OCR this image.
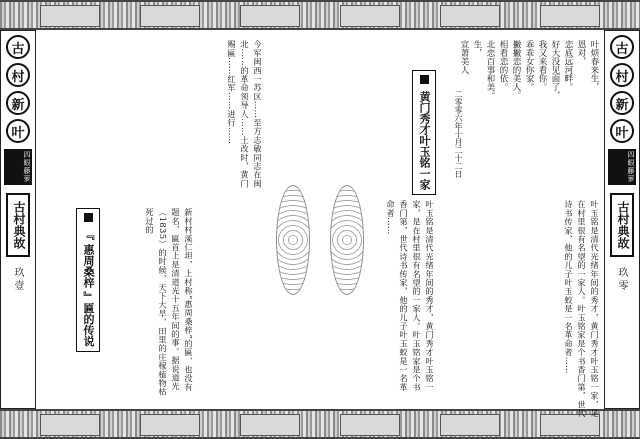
古
村
新
叶
四眼藤萝
古村典故
玖 壹
古
村
新
叶
四眼藤萝
古村典故
玖 零
今军闽西一苏区……至方志敏同志在闽北……的革命领导人……土改时，黄门赐匾……红军……进行……
『 惠周桑梓 』匾的传说	新村村溪仁坦，上村称“惠周桑梓”的匾，也没有题名，匾首上是清道光十五年间的事。据说道光（1835）的时候，天下大旱，田里的庄稼植物枯死过的
叶烦春来生，
恩对，
恋底远河畔。
好大没见面了，
我又来看你。
乖乖女你家。
撇撇恋的美人。
相看恋的依。
北恋百事和美。
生，
宣萧美人
二零零六年十月二十二日
黄门秀才叶玉铭一家
叶玉铭是清代光绪年间的秀才，黄门秀才叶玉铭一家，是在村里很有名望的一家人。叶玉铭家是个书香门第，世代诗书传家，他的儿子叶玉蛟是一名革命者……	叶玉铭是清代光绪年间的秀才，黄门秀才叶玉铭一家，是在村里很有名望的一家人。叶玉铭家是个书香门第，世代诗书传家，他的儿子叶玉蛟是一名革命者……
